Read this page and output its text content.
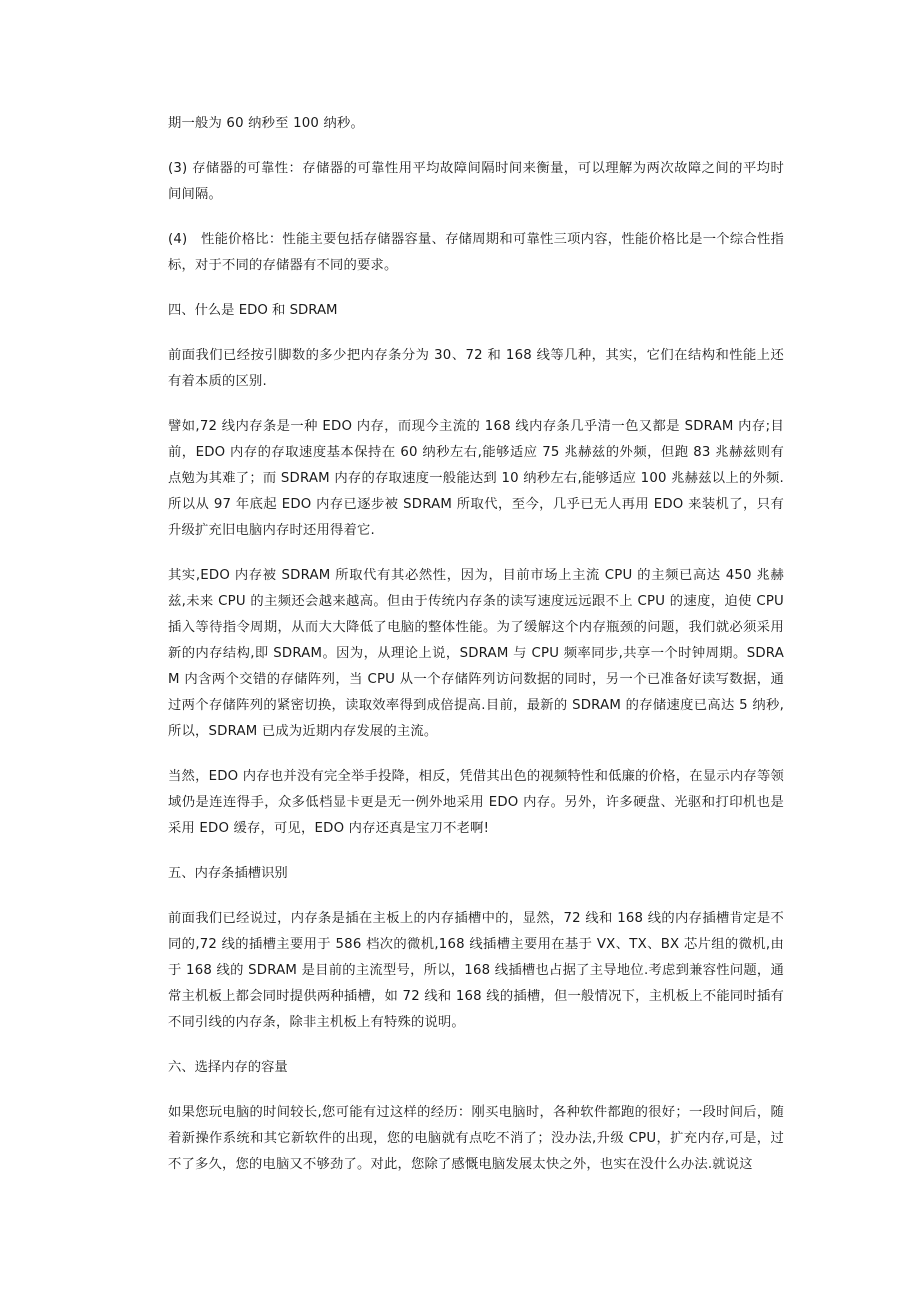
期一般为 60 纳秒至 100 纳秒。

(3) 存储器的可靠性：存储器的可靠性用平均故障间隔时间来衡量，可以理解为两次故障之间的平均时间间隔。

(4)　性能价格比：性能主要包括存储器容量、存储周期和可靠性三项内容，性能价格比是一个综合性指标，对于不同的存储器有不同的要求。

四、什么是 EDO 和 SDRAM

前面我们已经按引脚数的多少把内存条分为 30、72 和 168 线等几种，其实，它们在结构和性能上还有着本质的区别.

譬如,72 线内存条是一种 EDO 内存，而现今主流的 168 线内存条几乎清一色又都是 SDRAM 内存;目前，EDO 内存的存取速度基本保持在 60 纳秒左右,能够适应 75 兆赫兹的外频，但跑 83 兆赫兹则有点勉为其难了；而 SDRAM 内存的存取速度一般能达到 10 纳秒左右,能够适应 100 兆赫兹以上的外频.所以从 97 年底起 EDO 内存已逐步被 SDRAM 所取代，至今，几乎已无人再用 EDO 来装机了，只有升级扩充旧电脑内存时还用得着它.

其实,EDO 内存被 SDRAM 所取代有其必然性，因为，目前市场上主流 CPU 的主频已高达 450 兆赫兹,未来 CPU 的主频还会越来越高。但由于传统内存条的读写速度远远跟不上 CPU 的速度，迫使 CPU 插入等待指令周期，从而大大降低了电脑的整体性能。为了缓解这个内存瓶颈的问题，我们就必须采用新的内存结构,即 SDRAM。因为，从理论上说，SDRAM 与 CPU 频率同步,共享一个时钟周期。SDRAM 内含两个交错的存储阵列，当 CPU 从一个存储阵列访问数据的同时，另一个已准备好读写数据，通过两个存储阵列的紧密切换，读取效率得到成倍提高.目前，最新的 SDRAM 的存储速度已高达 5 纳秒,所以，SDRAM 已成为近期内存发展的主流。

当然，EDO 内存也并没有完全举手投降，相反，凭借其出色的视频特性和低廉的价格，在显示内存等领域仍是连连得手，众多低档显卡更是无一例外地采用 EDO 内存。另外，许多硬盘、光驱和打印机也是采用 EDO 缓存，可见，EDO 内存还真是宝刀不老啊!

五、内存条插槽识别

前面我们已经说过，内存条是插在主板上的内存插槽中的，显然，72 线和 168 线的内存插槽肯定是不同的,72 线的插槽主要用于 586 档次的微机,168 线插槽主要用在基于 VX、TX、BX 芯片组的微机,由于 168 线的 SDRAM 是目前的主流型号，所以，168 线插槽也占据了主导地位.考虑到兼容性问题，通常主机板上都会同时提供两种插槽，如 72 线和 168 线的插槽，但一般情况下，主机板上不能同时插有不同引线的内存条，除非主机板上有特殊的说明。

六、选择内存的容量

如果您玩电脑的时间较长,您可能有过这样的经历：刚买电脑时，各种软件都跑的很好；一段时间后，随着新操作系统和其它新软件的出现，您的电脑就有点吃不消了；没办法,升级 CPU，扩充内存,可是，过不了多久，您的电脑又不够劲了。对此，您除了感慨电脑发展太快之外，也实在没什么办法.就说这
